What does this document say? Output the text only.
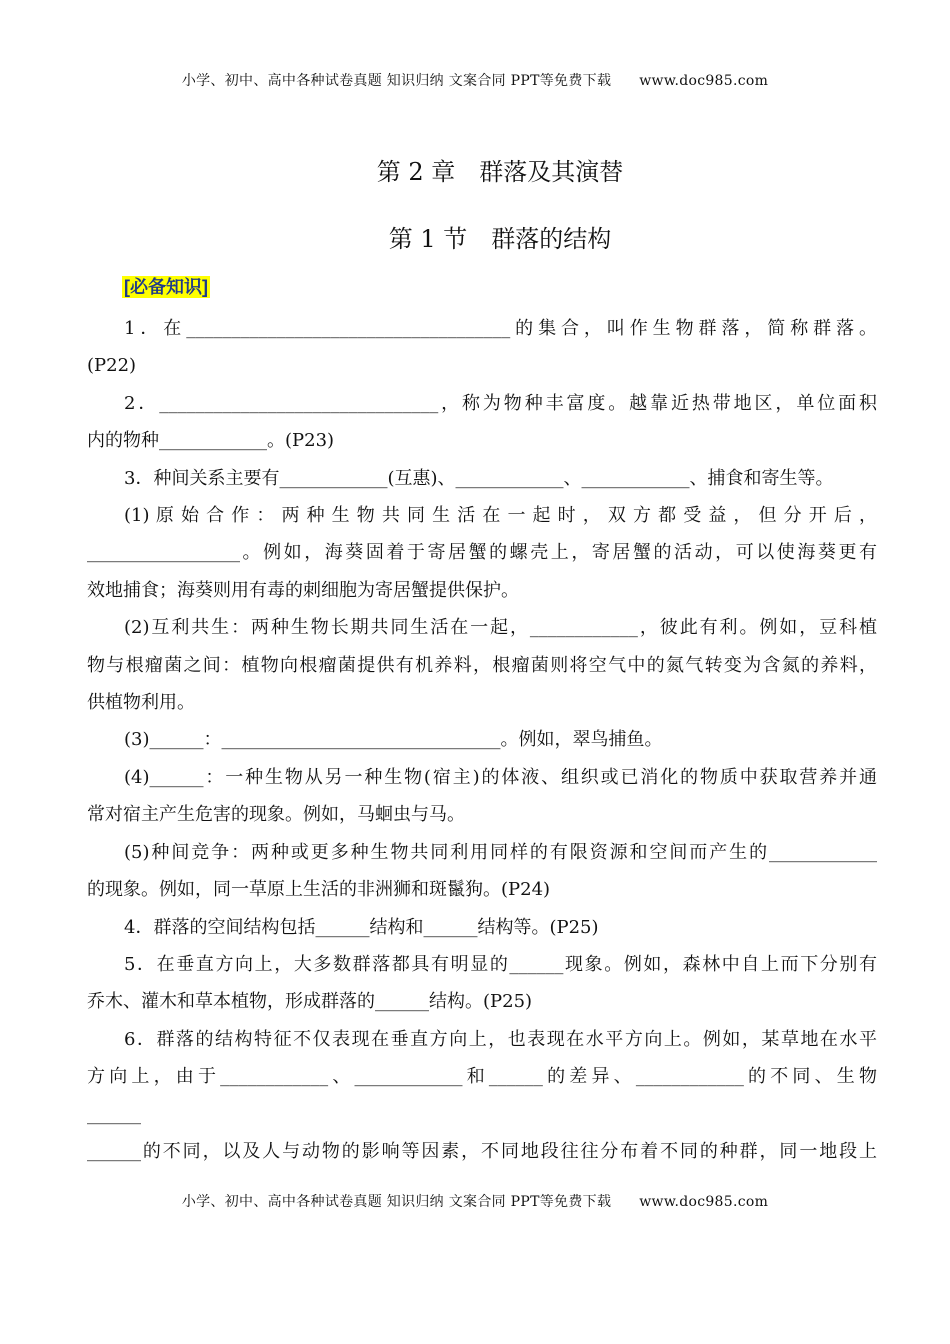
小学、初中、高中各种试卷真题 知识归纳 文案合同 PPT等免费下载 www.doc985.com
第 2 章　群落及其演替
第 1 节　群落的结构
[必备知识]

1．在____________________________________的集合，叫作生物群落，简称群落。

(P22)

2．_______________________________，称为物种丰富度。越靠近热带地区，单位面积

内的物种____________。(P23)

3．种间关系主要有____________(互惠)、____________、____________、捕食和寄生等。

(1) 原 始 合 作 ： 两 种 生 物 共 同 生 活 在 一 起 时 ， 双 方 都 受 益 ， 但 分 开 后 ，

_________________。例如，海葵固着于寄居蟹的螺壳上，寄居蟹的活动，可以使海葵更有

效地捕食；海葵则用有毒的刺细胞为寄居蟹提供保护。

(2)互利共生：两种生物长期共同生活在一起，____________，彼此有利。例如，豆科植

物与根瘤菌之间：植物向根瘤菌提供有机养料，根瘤菌则将空气中的氮气转变为含氮的养料，

供植物利用。

(3)______：_______________________________。例如，翠鸟捕鱼。

(4)______：一种生物从另一种生物(宿主)的体液、组织或已消化的物质中获取营养并通

常对宿主产生危害的现象。例如，马蛔虫与马。

(5)种间竞争：两种或更多种生物共同利用同样的有限资源和空间而产生的____________

的现象。例如，同一草原上生活的非洲狮和斑鬣狗。(P24)

4．群落的空间结构包括______结构和______结构等。(P25)

5．在垂直方向上，大多数群落都具有明显的______现象。例如，森林中自上而下分别有

乔木、灌木和草本植物，形成群落的______结构。(P25)

6．群落的结构特征不仅表现在垂直方向上，也表现在水平方向上。例如，某草地在水平

方向上，由于____________、____________和______的差异、____________的不同、生物

______

______的不同，以及人与动物的影响等因素，不同地段往往分布着不同的种群，同一地段上

小学、初中、高中各种试卷真题 知识归纳 文案合同 PPT等免费下载 www.doc985.com
